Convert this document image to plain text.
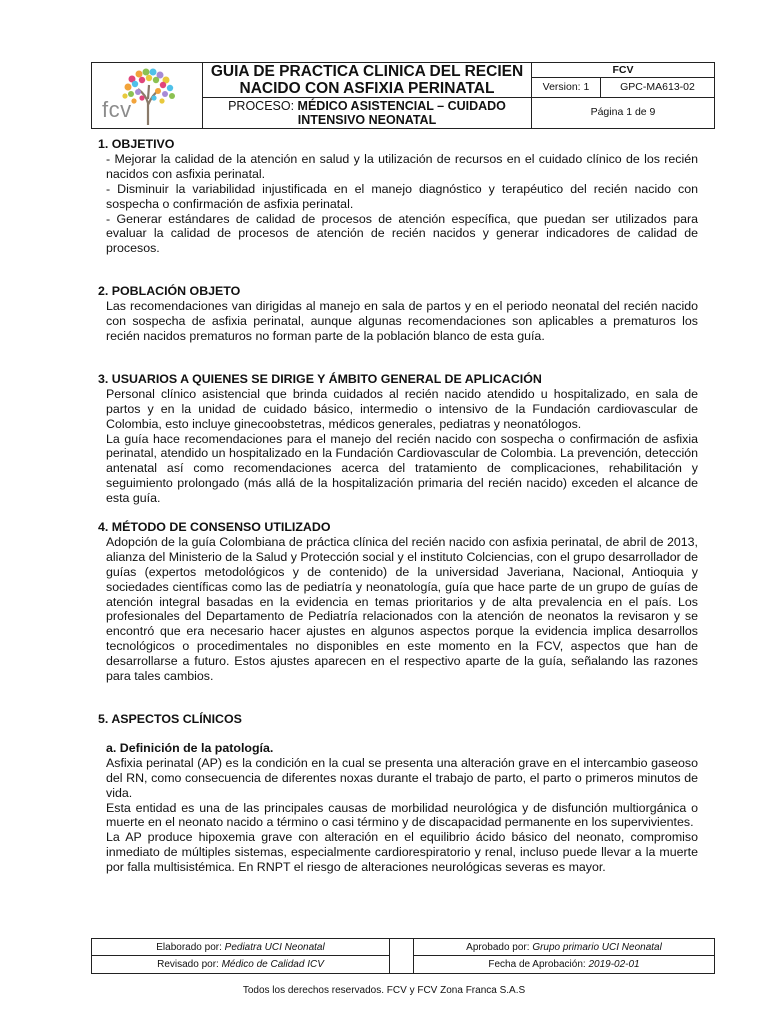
fcv
GUIA DE PRACTICA CLINICA DEL RECIEN
NACIDO CON ASFIXIA PERINATAL
PROCESO: MÉDICO ASISTENCIAL – CUIDADO
INTENSIVO NEONATAL
FCV
Version: 1	GPC-MA613-02
Página 1 de 9

1. OBJETIVO

- Mejorar la calidad de la atención en salud y la utilización de recursos en el cuidado clínico de los recién nacidos con asfixia perinatal.

- Disminuir la variabilidad injustificada en el manejo diagnóstico y terapéutico del recién nacido con sospecha o confirmación de asfixia perinatal.

- Generar estándares de calidad de procesos de atención específica, que puedan ser utilizados para evaluar la calidad de procesos de atención de recién nacidos y generar indicadores de calidad de procesos.

2. POBLACIÓN OBJETO

Las recomendaciones van dirigidas al manejo en sala de partos y en el periodo neonatal del recién nacido con sospecha de asfixia perinatal, aunque algunas recomendaciones son aplicables a prematuros los recién nacidos prematuros no forman parte de la población blanco de esta guía.

3. USUARIOS A QUIENES SE DIRIGE Y ÁMBITO GENERAL DE APLICACIÓN

Personal clínico asistencial que brinda cuidados al recién nacido atendido u hospitalizado, en sala de partos y en la unidad de cuidado básico, intermedio o intensivo de la Fundación cardiovascular de Colombia, esto incluye ginecoobstetras, médicos generales, pediatras y neonatólogos.

La guía hace recomendaciones para el manejo del recién nacido con sospecha o confirmación de asfixia perinatal, atendido un hospitalizado en la Fundación Cardiovascular de Colombia. La prevención, detección antenatal así como recomendaciones acerca del tratamiento de complicaciones, rehabilitación y seguimiento prolongado (más allá de la hospitalización primaria del recién nacido) exceden el alcance de esta guía.

4. MÉTODO DE CONSENSO UTILIZADO

Adopción de la guía Colombiana de práctica clínica del recién nacido con asfixia perinatal, de abril de 2013, alianza del Ministerio de la Salud y Protección social y el instituto Colciencias, con el grupo desarrollador de guías (expertos metodológicos y de contenido) de la universidad Javeriana, Nacional, Antioquia y sociedades científicas como las de pediatría y neonatología, guía que hace parte de un grupo de guías de atención integral basadas en la evidencia en temas prioritarios y de alta prevalencia en el país. Los profesionales del Departamento de Pediatría relacionados con la atención de neonatos la revisaron y se encontró que era necesario hacer ajustes en algunos aspectos porque la evidencia implica desarrollos tecnológicos o procedimentales no disponibles en este momento en la FCV, aspectos que han de desarrollarse a futuro. Estos ajustes aparecen en el respectivo aparte de la guía, señalando las razones para tales cambios.

5. ASPECTOS CLÍNICOS

a. Definición de la patología.

Asfixia perinatal (AP) es la condición en la cual se presenta una alteración grave en el intercambio gaseoso del RN, como consecuencia de diferentes noxas durante el trabajo de parto, el parto o primeros minutos de vida.

Esta entidad es una de las principales causas de morbilidad neurológica y de disfunción multiorgánica o muerte en el neonato nacido a término o casi término y de discapacidad permanente en los supervivientes.

La AP produce hipoxemia grave con alteración en el equilibrio ácido básico del neonato, compromiso inmediato de múltiples sistemas, especialmente cardiorespiratorio y renal, incluso puede llevar a la muerte por falla multisistémica. En RNPT el riesgo de alteraciones neurológicas severas es mayor.

Elaborado por: Pediatra UCI Neonatal
Revisado por: Médico de Calidad ICV
Aprobado por: Grupo primario UCI Neonatal
Fecha de Aprobación: 2019-02-01
Todos los derechos reservados. FCV y FCV Zona Franca S.A.S
